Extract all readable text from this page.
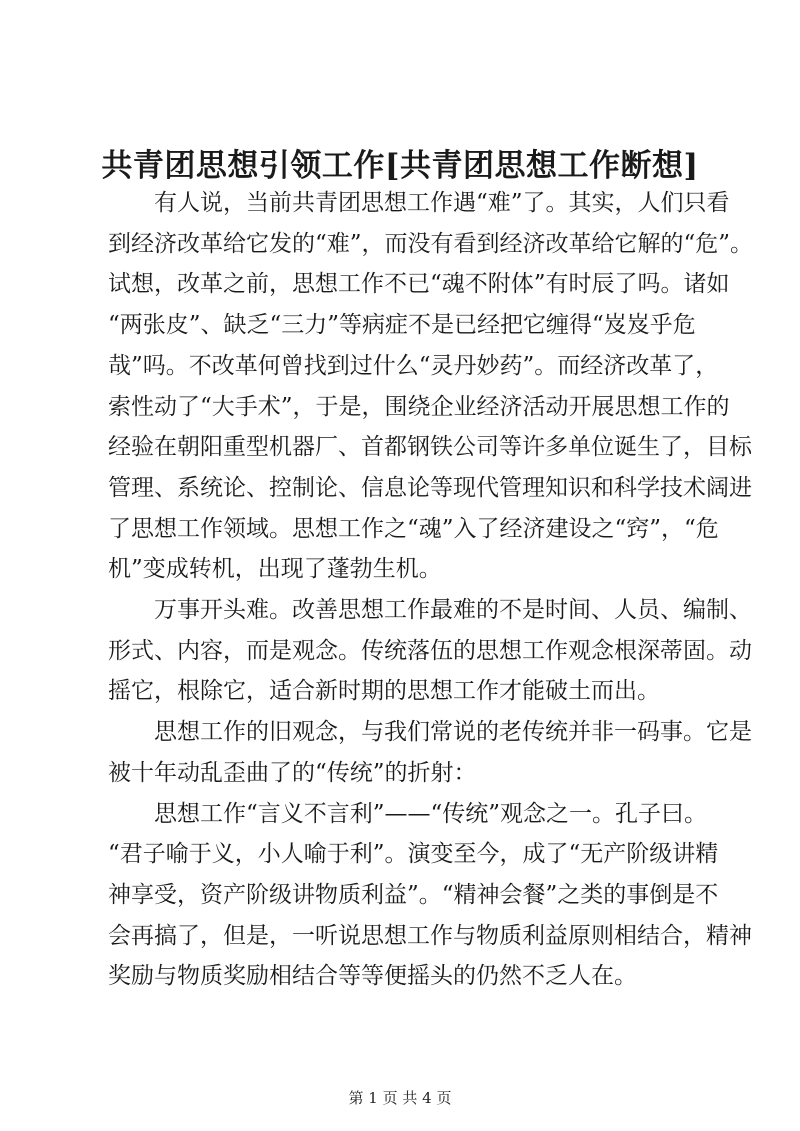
共青团思想引领工作[共青团思想工作断想]

有人说，当前共青团思想工作遇“难”了。其实，人们只看
到经济改革给它发的“难”，而没有看到经济改革给它解的“危”。
试想，改革之前，思想工作不已“魂不附体”有时辰了吗。诸如
“两张皮”、缺乏“三力”等病症不是已经把它缠得“岌岌乎危
哉”吗。不改革何曾找到过什么“灵丹妙药”。而经济改革了，
索性动了“大手术”，于是，围绕企业经济活动开展思想工作的
经验在朝阳重型机器厂、首都钢铁公司等许多单位诞生了，目标
管理、系统论、控制论、信息论等现代管理知识和科学技术阔进
了思想工作领域。思想工作之“魂”入了经济建设之“窍”，“危
机”变成转机，出现了蓬勃生机。

万事开头难。改善思想工作最难的不是时间、人员、编制、
形式、内容，而是观念。传统落伍的思想工作观念根深蒂固。动
摇它，根除它，适合新时期的思想工作才能破土而出。

思想工作的旧观念，与我们常说的老传统并非一码事。它是
被十年动乱歪曲了的“传统”的折射：

思想工作“言义不言利”——“传统”观念之一。孔子曰。
“君子喻于义，小人喻于利”。演变至今，成了“无产阶级讲精
神享受，资产阶级讲物质利益”。“精神会餐”之类的事倒是不
会再搞了，但是，一听说思想工作与物质利益原则相结合，精神
奖励与物质奖励相结合等等便摇头的仍然不乏人在。

第 1 页 共 4 页
